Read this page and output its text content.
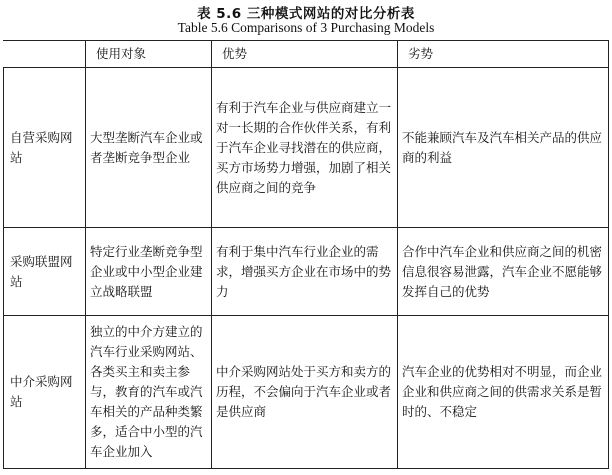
表 5.6 三种模式网站的对比分析表
Table 5.6 Comparisons of 3 Purchasing Models
	使用对象	优势	劣势
自营采购网站	大型垄断汽车企业或者垄断竞争型企业	有利于汽车企业与供应商建立一对一长期的合作伙伴关系，有利于汽车企业寻找潜在的供应商，买方市场势力增强，加剧了相关供应商之间的竞争	不能兼顾汽车及汽车相关产品的供应商的利益
采购联盟网站	特定行业垄断竞争型企业或中小型企业建立战略联盟	有利于集中汽车行业企业的需求，增强买方企业在市场中的势力	合作中汽车企业和供应商之间的机密信息很容易泄露，汽车企业不愿能够发挥自己的优势
中介采购网站	独立的中介方建立的汽车行业采购网站、各类买主和卖主参与，教育的汽车或汽车相关的产品种类繁多，适合中小型的汽车企业加入	中介采购网站处于买方和卖方的历程，不会偏向于汽车企业或者是供应商	汽车企业的优势相对不明显，而企业企业和供应商之间的供需求关系是暂时的、不稳定
